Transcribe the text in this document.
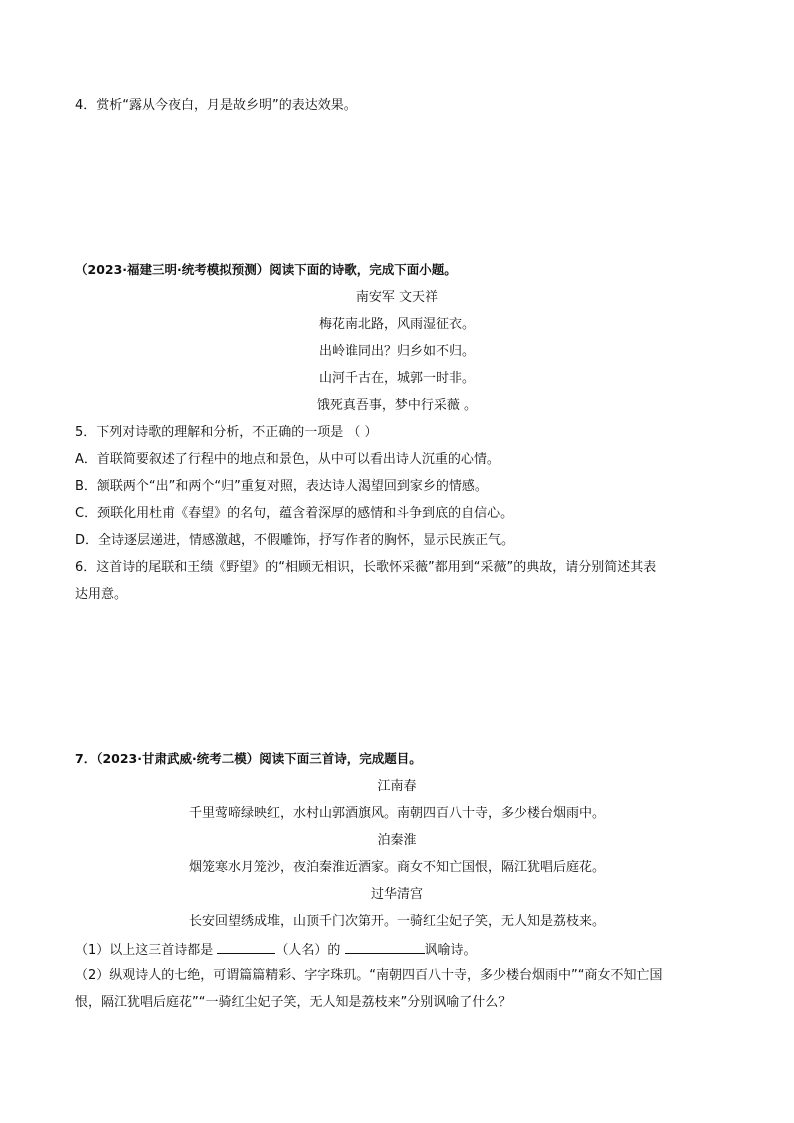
4．赏析“露从今夜白，月是故乡明”的表达效果。
（2023·福建三明·统考模拟预测）阅读下面的诗歌，完成下面小题。
南安军 文天祥
梅花南北路，风雨湿征衣。
出岭谁同出？归乡如不归。
山河千古在，城郭一时非。
饿死真吾事，梦中行采薇 。
5．下列对诗歌的理解和分析，不正确的一项是 （ ）
A．首联简要叙述了行程中的地点和景色，从中可以看出诗人沉重的心情。
B．颔联两个“出”和两个“归”重复对照，表达诗人渴望回到家乡的情感。
C．颈联化用杜甫《春望》的名句，蕴含着深厚的感情和斗争到底的自信心。
D．全诗逐层递进，情感激越，不假雕饰，抒写作者的胸怀，显示民族正气。
6．这首诗的尾联和王绩《野望》的“相顾无相识，长歌怀采薇”都用到“采薇”的典故，请分别简述其表
达用意。
7．（2023·甘肃武威·统考二模）阅读下面三首诗，完成题目。
江南春
千里莺啼绿映红，水村山郭酒旗风。南朝四百八十寺，多少楼台烟雨中。
泊秦淮
烟笼寒水月笼沙，夜泊秦淮近酒家。商女不知亡国恨，隔江犹唱后庭花。
过华清宫
长安回望绣成堆，山顶千门次第开。一骑红尘妃子笑，无人知是荔枝来。
（1）以上这三首诗都是	（人名）的	讽喻诗。
（2）纵观诗人的七绝，可谓篇篇精彩、字字珠玑。“南朝四百八十寺，多少楼台烟雨中”“商女不知亡国
恨，隔江犹唱后庭花”“一骑红尘妃子笑，无人知是荔枝来”分别讽喻了什么？
